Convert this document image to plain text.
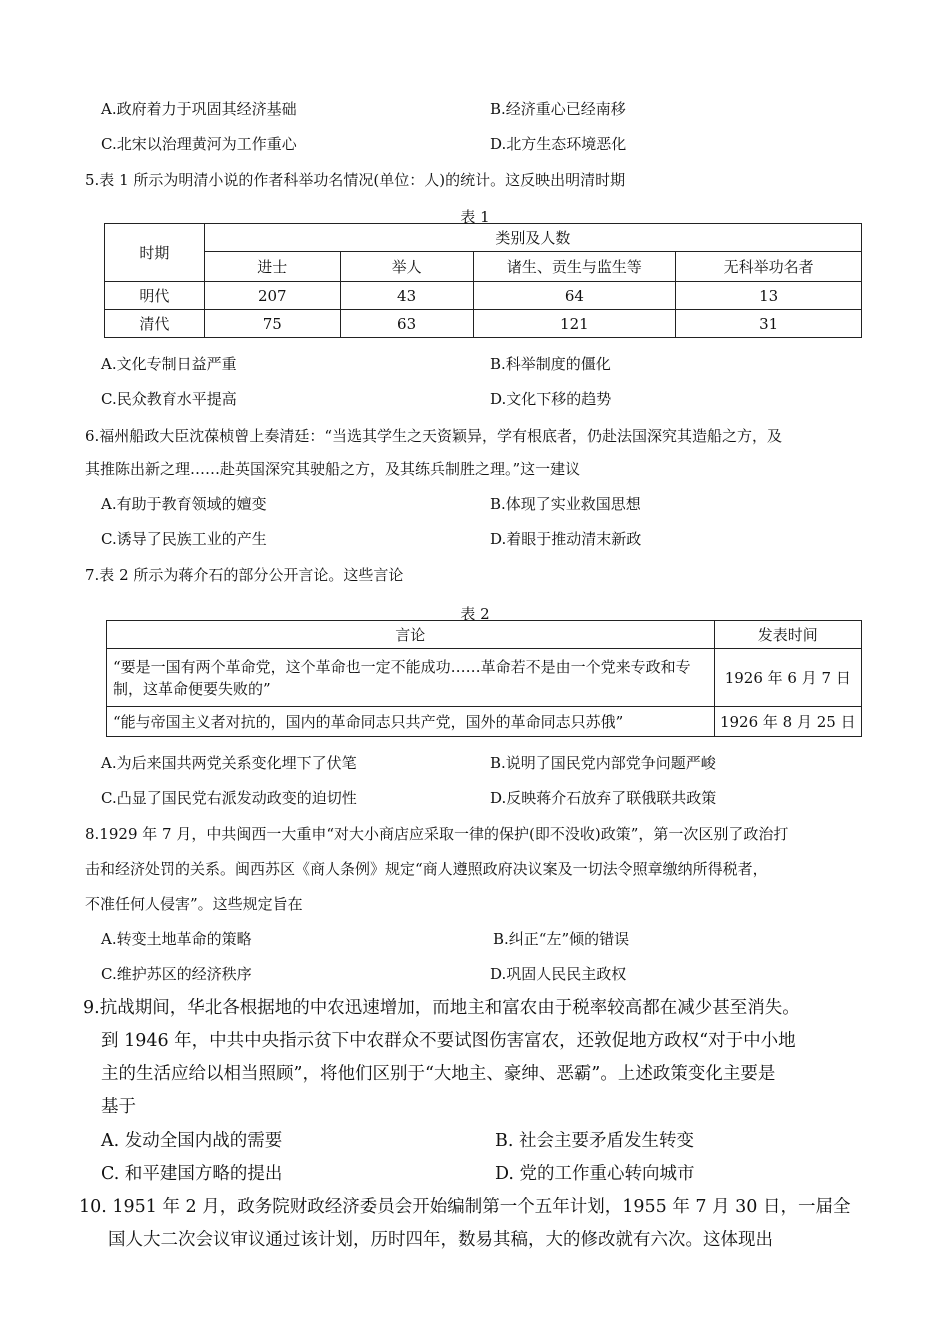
A.政府着力于巩固其经济基础	B.经济重心已经南移
C.北宋以治理黄河为工作重心	D.北方生态环境恶化
5.表 1 所示为明清小说的作者科举功名情况(单位：人)的统计。这反映出明清时期
表 1
时期	类别及人数			
	进士	举人	诸生、贡生与监生等	无科举功名者
明代	207	43	64	13
清代	75	63	121	31
A.文化专制日益严重	B.科举制度的僵化
C.民众教育水平提高	D.文化下移的趋势
6.福州船政大臣沈葆桢曾上奏清廷：“当选其学生之天资颖异，学有根底者，仍赴法国深究其造船之方，及
其推陈出新之理……赴英国深究其驶船之方，及其练兵制胜之理。”这一建议
A.有助于教育领域的嬗变	B.体现了实业救国思想
C.诱导了民族工业的产生	D.着眼于推动清末新政
7.表 2 所示为蒋介石的部分公开言论。这些言论
表 2
言论	发表时间
“要是一国有两个革命党，这个革命也一定不能成功……革命若不是由一个党来专政和专制，这革命便要失败的”	1926 年 6 月 7 日
“能与帝国主义者对抗的，国内的革命同志只共产党，国外的革命同志只苏俄”	1926 年 8 月 25 日
A.为后来国共两党关系变化埋下了伏笔	B.说明了国民党内部党争问题严峻
C.凸显了国民党右派发动政变的迫切性	D.反映蒋介石放弃了联俄联共政策
8.1929 年 7 月，中共闽西一大重申“对大小商店应采取一律的保护(即不没收)政策”，第一次区别了政治打
击和经济处罚的关系。闽西苏区《商人条例》规定“商人遵照政府决议案及一切法令照章缴纳所得税者，
不准任何人侵害”。这些规定旨在
A.转变土地革命的策略	B.纠正“左”倾的错误
C.维护苏区的经济秩序	D.巩固人民民主政权
9.抗战期间，华北各根据地的中农迅速增加，而地主和富农由于税率较高都在减少甚至消失。
到 1946 年，中共中央指示贫下中农群众不要试图伤害富农，还敦促地方政权“对于中小地
主的生活应给以相当照顾”，将他们区别于“大地主、豪绅、恶霸”。上述政策变化主要是
基于
A. 发动全国内战的需要	B. 社会主要矛盾发生转变
C. 和平建国方略的提出	D. 党的工作重心转向城市
10. 1951 年 2 月，政务院财政经济委员会开始编制第一个五年计划，1955 年 7 月 30 日，一届全
国人大二次会议审议通过该计划，历时四年，数易其稿，大的修改就有六次。这体现出
